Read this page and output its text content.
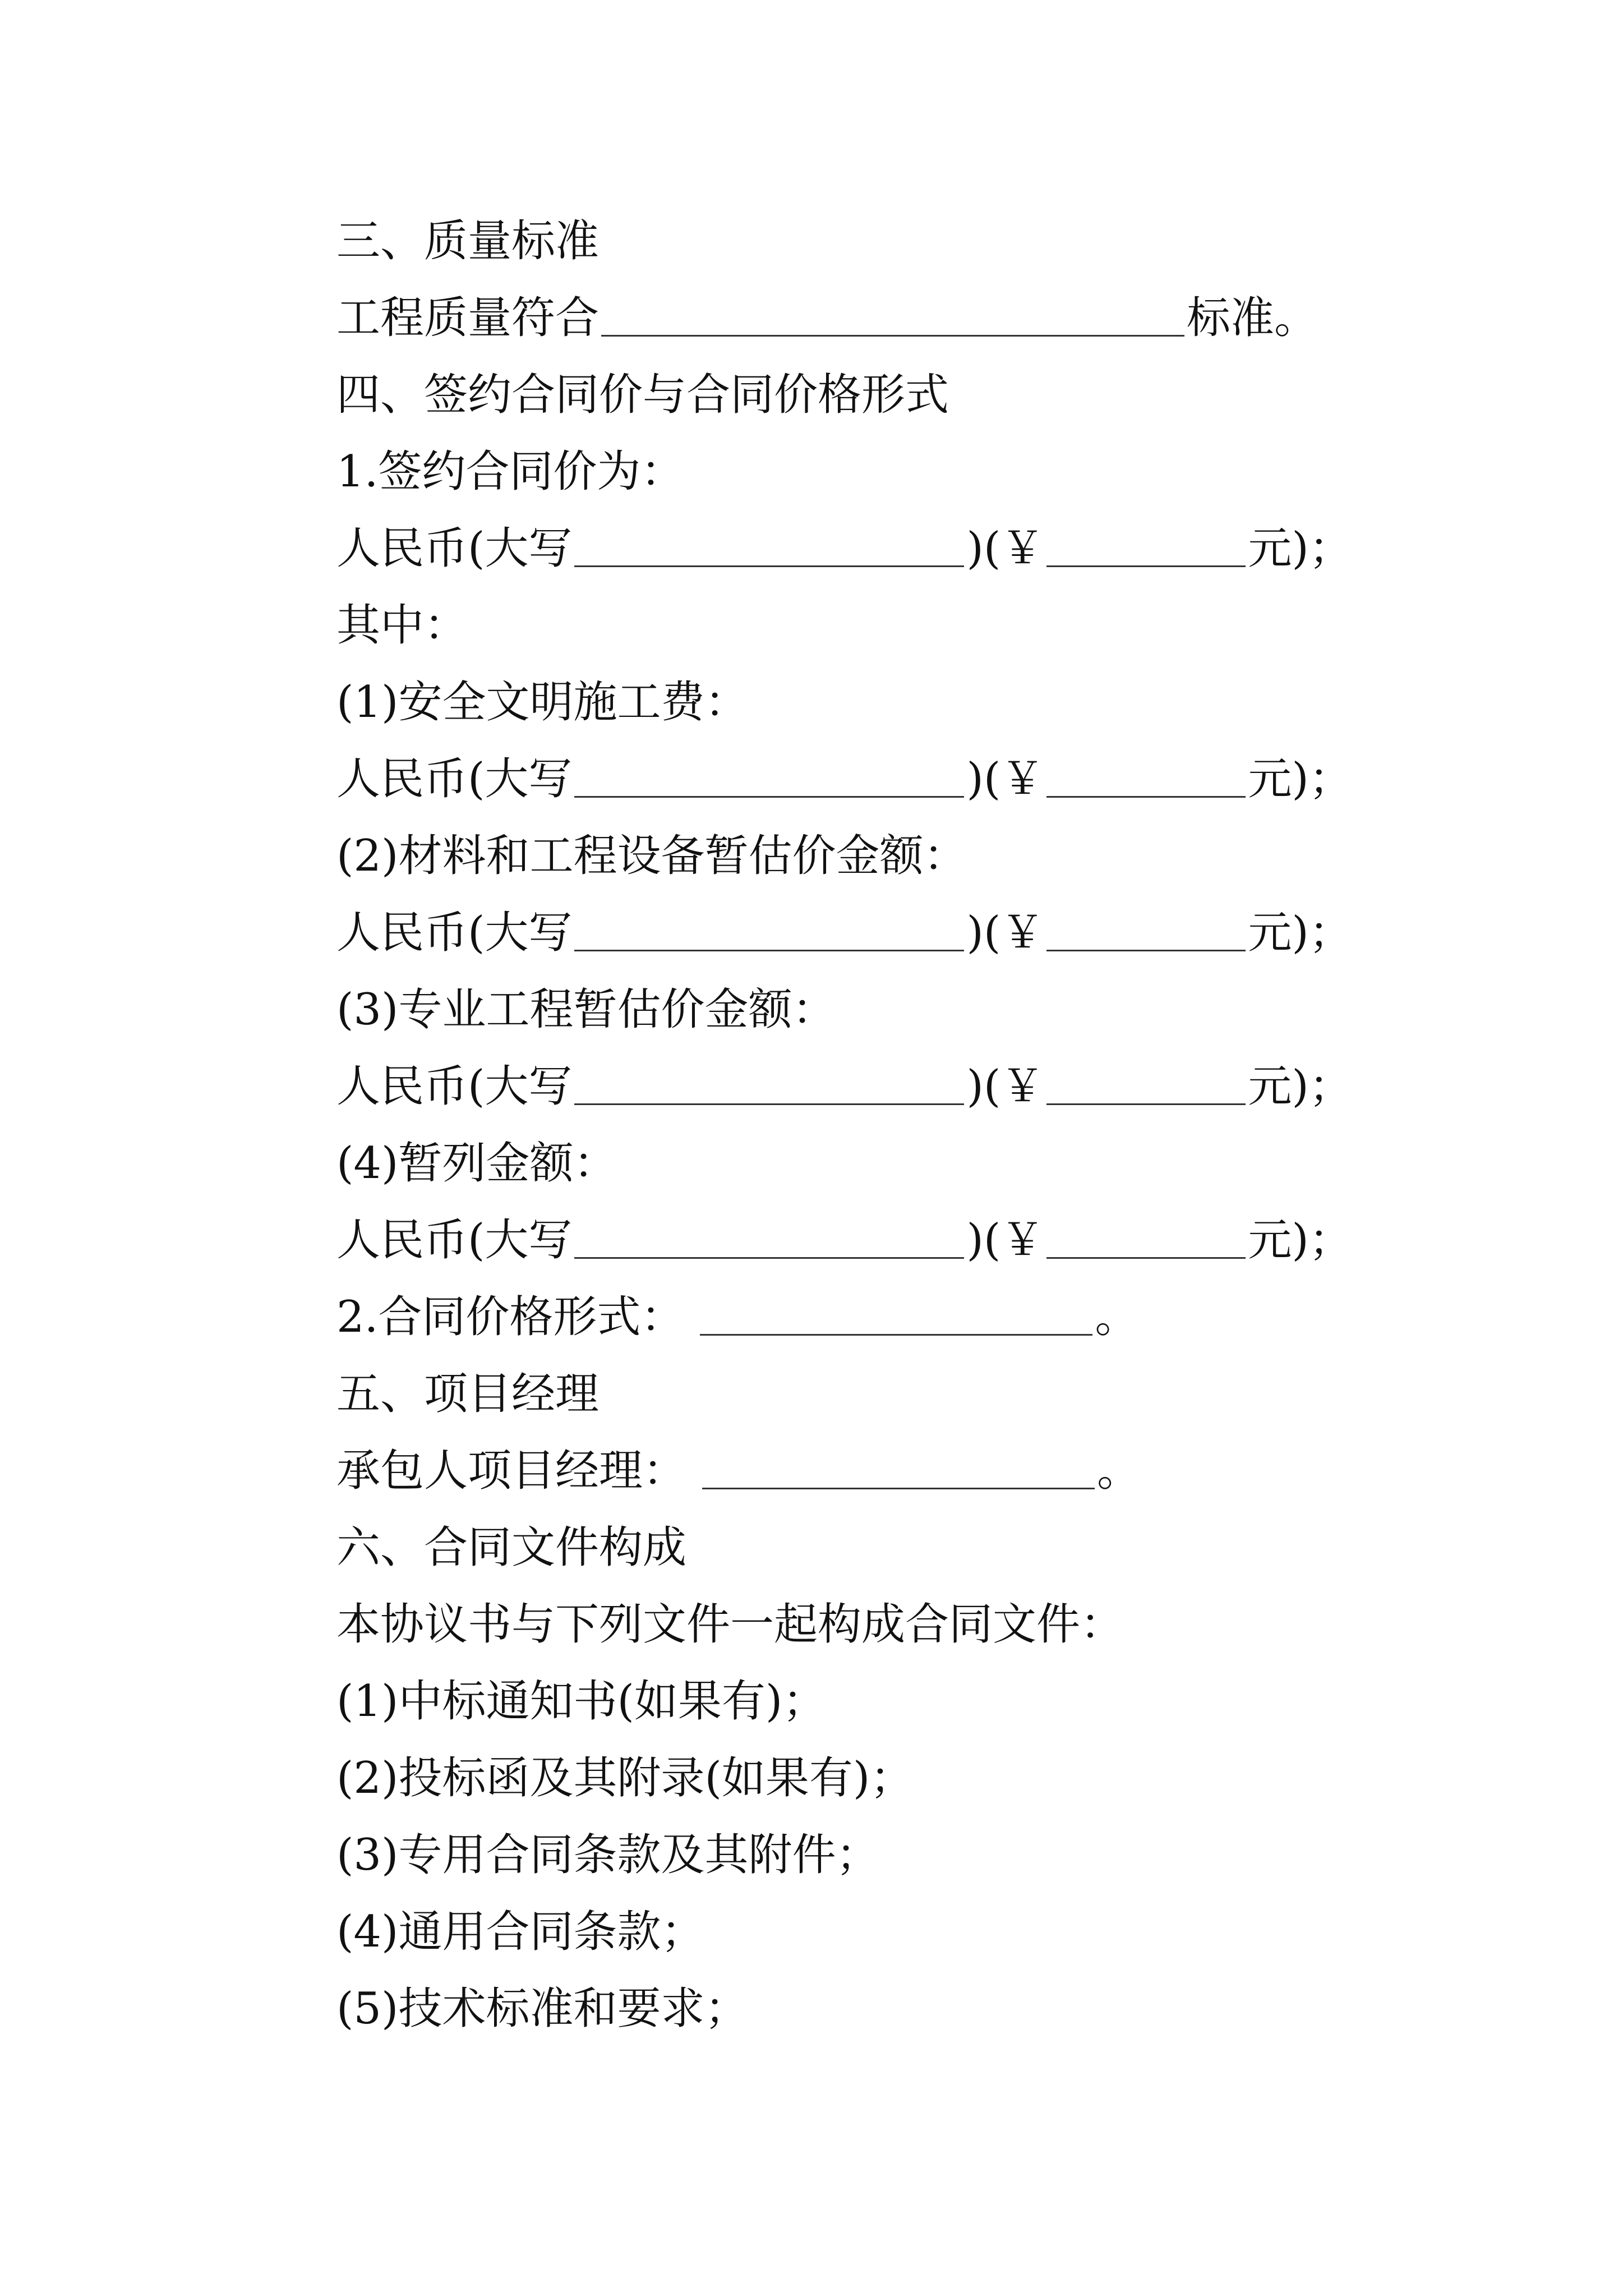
三、质量标准
工程质量符合	标准。
四、签约合同价与合同价格形式
1.签约合同价为：
人民币(大写	)(￥	元)；
其中：
(1)安全文明施工费：
人民币(大写	)(￥	元)；
(2)材料和工程设备暂估价金额：
人民币(大写	)(￥	元)；
(3)专业工程暂估价金额：
人民币(大写	)(￥	元)；
(4)暂列金额：
人民币(大写	)(￥	元)；
2.合同价格形式：	。
五、项目经理
承包人项目经理：	。
六、合同文件构成
本协议书与下列文件一起构成合同文件：
(1)中标通知书(如果有)；
(2)投标函及其附录(如果有)；
(3)专用合同条款及其附件；
(4)通用合同条款；
(5)技术标准和要求；
